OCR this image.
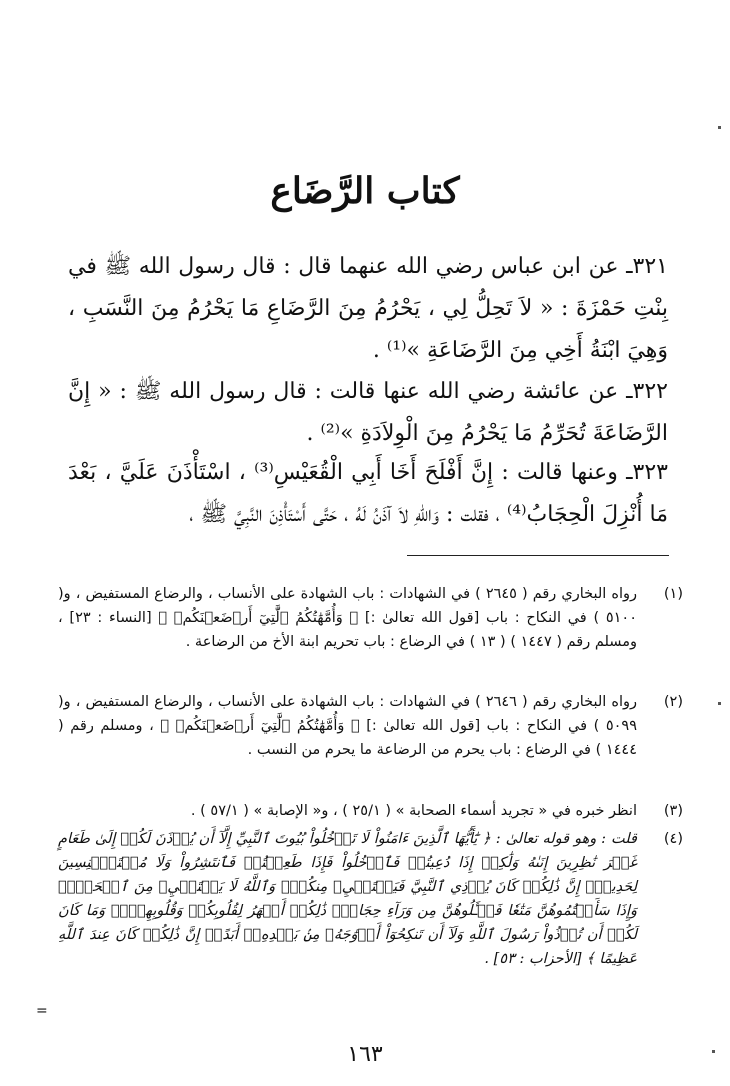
كتاب الرَّضَاع

٣٢١ـ عن ابن عباس رضي الله عنهما قال : قال رسول الله ﷺ في بِنْتِ حَمْزَةَ : « لاَ تَحِلُّ لِي ، يَحْرُمُ مِنَ الرَّضَاعِ مَا يَحْرُمُ مِنَ النَّسَبِ ، وَهِيَ ابْنَةُ أَخِي مِنَ الرَّضَاعَةِ »⁽¹⁾ .

٣٢٢ـ عن عائشة رضي الله عنها قالت : قال رسول الله ﷺ : « إِنَّ الرَّضَاعَةَ تُحَرِّمُ مَا يَحْرُمُ مِنَ الْوِلاَدَةِ »⁽²⁾ .

٣٢٣ـ وعنها قالت : إِنَّ أَفْلَحَ أَخَا أَبِي الْقُعَيْسِ⁽³⁾ ، اسْتَأْذَنَ عَلَيَّ ، بَعْدَ مَا أُنْزِلَ الْحِجَابُ⁽⁴⁾ ، فقلت : وَاللهِ لاَ آذَنُ لَهُ ، حَتَّى أَسْتَأْذِنَ النَّبِيَّ ﷺ ،

(١)
رواه البخاري رقم ( ٢٦٤٥ ) في الشهادات : باب الشهادة على الأنساب ، والرضاع المستفيض ، و( ٥١٠٠ ) في النكاح : باب [قول الله تعالىٰ :] ﴿ وَأُمَّهَٰتُكُمُ ٱلَّٰتِيٓ أَرۡضَعۡنَكُمۡ ﴾ [النساء : ٢٣] ، ومسلم رقم ( ١٤٤٧ ) ( ١٣ ) في الرضاع : باب تحريم ابنة الأخ من الرضاعة .
(٢)
رواه البخاري رقم ( ٢٦٤٦ ) في الشهادات : باب الشهادة على الأنساب ، والرضاع المستفيض ، و( ٥٠٩٩ ) في النكاح : باب [قول الله تعالىٰ :] ﴿ وَأُمَّهَٰتُكُمُ ٱلَّٰتِيٓ أَرۡضَعۡنَكُمۡ ﴾ ، ومسلم رقم ( ١٤٤٤ ) في الرضاع : باب يحرم من الرضاعة ما يحرم من النسب .
(٣)
انظر خبره في « تجريد أسماء الصحابة » ( ٢٥/١ ) ، و« الإصابة » ( ٥٧/١ ) .
(٤)
قلت : وهو قوله تعالىٰ : ﴿ يَٰٓأَيُّهَا ٱلَّذِينَ ءَامَنُواْ لَا تَدۡخُلُواْ بُيُوتَ ٱلنَّبِيِّ إِلَّآ أَن يُؤۡذَنَ لَكُمۡ إِلَىٰ طَعَامٍ غَيۡرَ نَٰظِرِينَ إِنَىٰهُ وَلَٰكِنۡ إِذَا دُعِيتُمۡ فَٱدۡخُلُواْ فَإِذَا طَعِمۡتُمۡ فَٱنتَشِرُواْ وَلَا مُسۡتَـٔۡنِسِينَ لِحَدِيثٍۚ إِنَّ ذَٰلِكُمۡ كَانَ يُؤۡذِي ٱلنَّبِيَّ فَيَسۡتَحۡيِۦ مِنكُمۡۖ وَٱللَّهُ لَا يَسۡتَحۡيِۦ مِنَ ٱلۡحَقِّۚ وَإِذَا سَأَلۡتُمُوهُنَّ مَتَٰعٗا فَسۡـَٔلُوهُنَّ مِن وَرَآءِ حِجَابٖۚ ذَٰلِكُمۡ أَطۡهَرُ لِقُلُوبِكُمۡ وَقُلُوبِهِنَّۚ وَمَا كَانَ لَكُمۡ أَن تُؤۡذُواْ رَسُولَ ٱللَّهِ وَلَآ أَن تَنكِحُوٓاْ أَزۡوَٰجَهُۥ مِنۢ بَعۡدِهِۦٓ أَبَدًاۚ إِنَّ ذَٰلِكُمۡ كَانَ عِندَ ٱللَّهِ عَظِيمًا ﴾ [الأحزاب : ٥٣] .
=
١٦٣
